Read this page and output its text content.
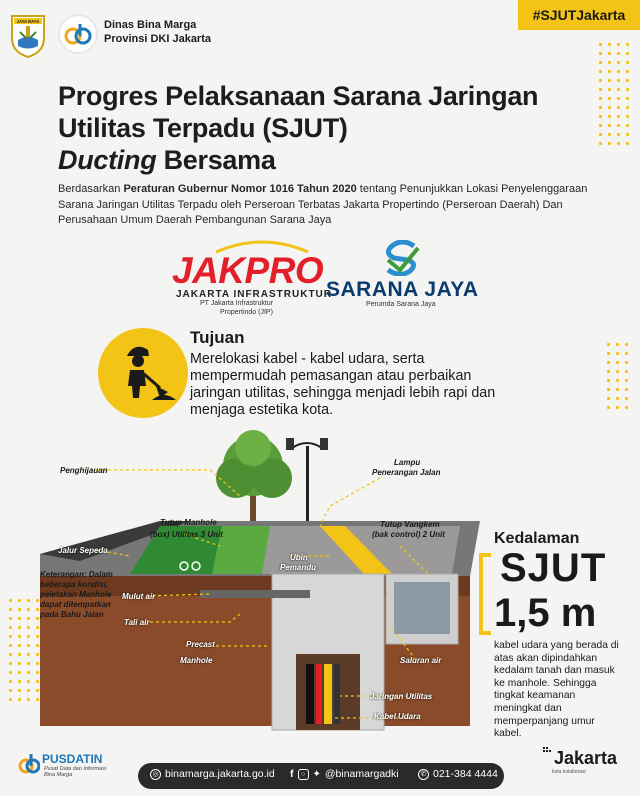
JAYA RAYA	Dinas Bina Marga
Provinsi DKI Jakarta
#SJUTJakarta
Progres Pelaksanaan Sarana Jaringan
Utilitas Terpadu (SJUT)
Ducting Bersama
Berdasarkan Peraturan Gubernur Nomor 1016 Tahun 2020 tentang Penunjukkan Lokasi Penyelenggaraan Sarana Jaringan Utilitas Terpadu oleh Perseroan Terbatas Jakarta Propertindo (Perseroan Daerah) Dan Perusahaan Umum Daerah Pembangunan Sarana Jaya
JAKPRO
JAKARTA INFRASTRUKTUR
PT Jakarta Infrastruktur
Propertindo (JIP)
SARANA JAYA
Perumda Sarana Jaya
Tujuan
Merelokasi kabel - kabel udara, serta
mempermudah pemasangan atau perbaikan
jaringan utilitas, sehingga menjadi lebih rapi dan
menjaga estetika kota.
Penghijauan
Lampu
Penerangan Jalan
Tutup Manhole
(box) Utilitas 3 Unit
Tutup Vangkem
(bak control) 2 Unit
Jalur Sepeda
Ubin
Pemandu
Mulut air
Tali air
Precast
Manhole	Saluran air
Jaringan Utilitas
Kabel Udara
Keterangan: Dalam beberapa kondisi, peletakan Manhole dapat ditempatkan pada Bahu Jalan
Kedalaman
SJUT
1,5 m
kabel udara yang berada di atas akan dipindahkan kedalam tanah dan masuk ke manhole. Sehingga tingkat keamanan meningkat dan memperpanjang umur kabel.
PUSDATIN
Pusat Data dan Informasi
Bina Marga	◎ binamarga.jakarta.go.id f	○ ✦ @binamargadki	✆ 021-384 4444
Jakarta
kota kolaborasi
